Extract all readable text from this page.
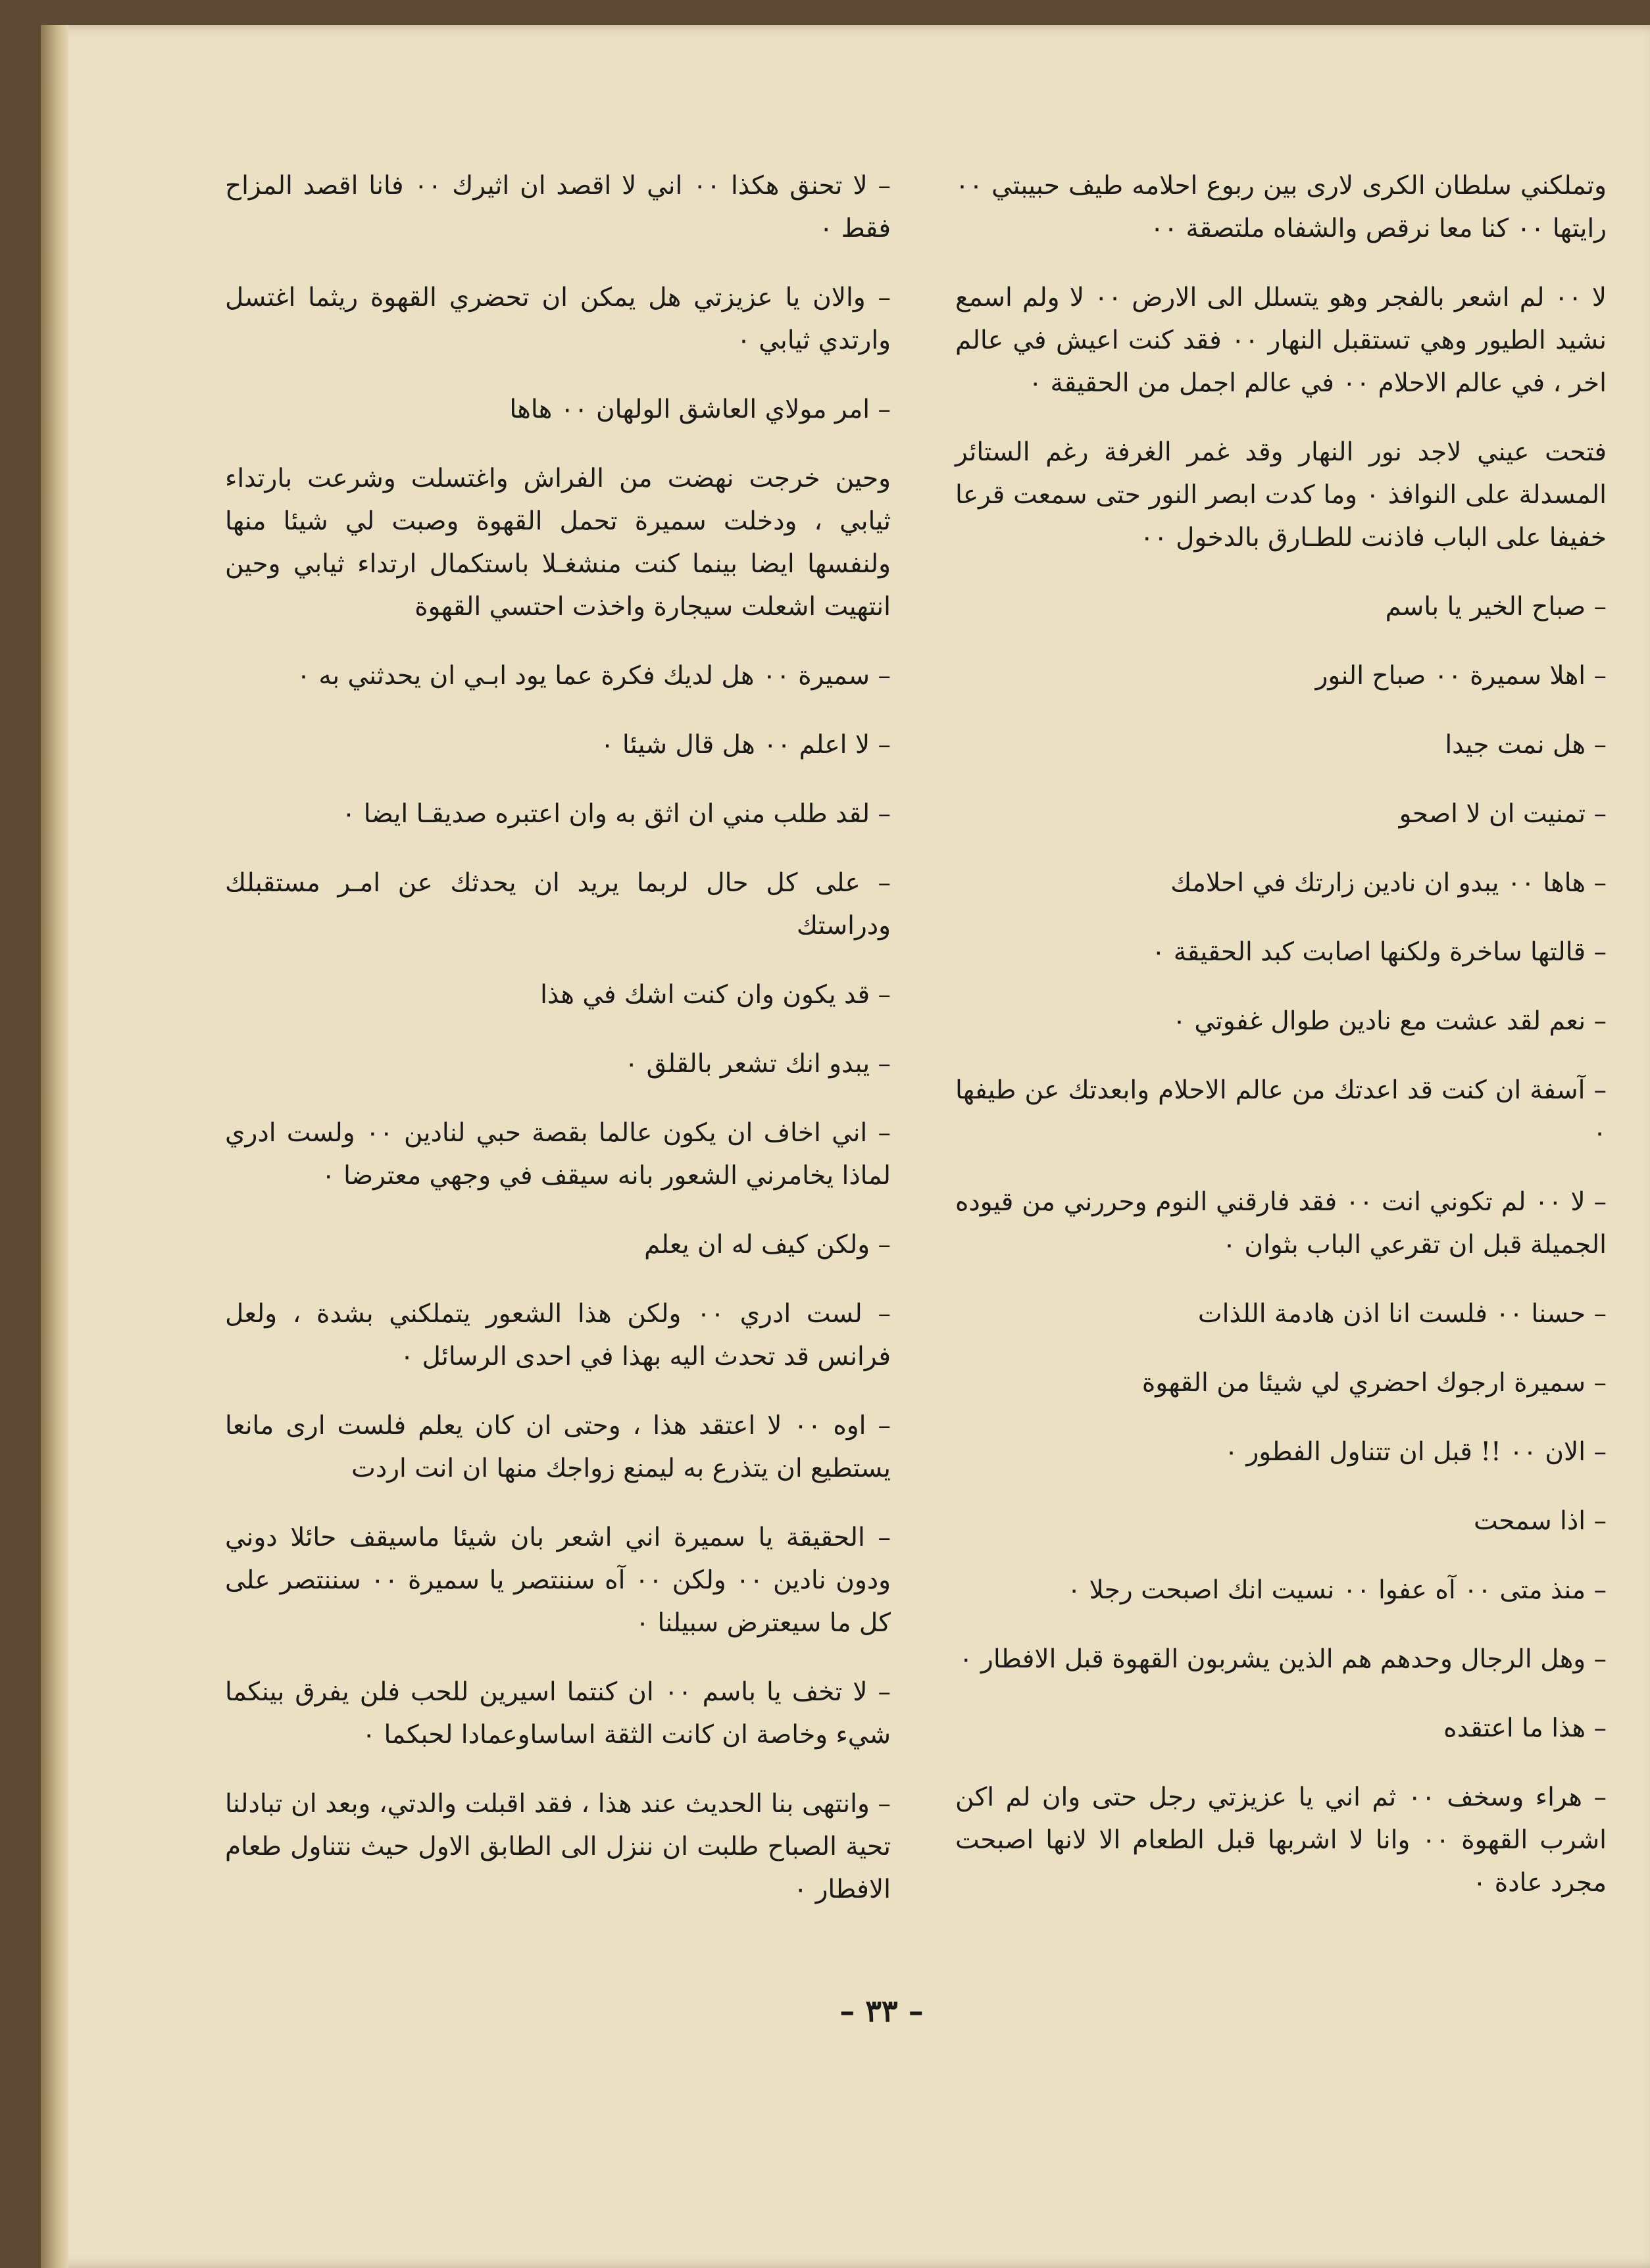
وتملكني سلطان الكرى لارى بين ربوع احلامه طيف حبيبتي ٠٠ رايتها ٠٠ كنا معا نرقص والشفاه ملتصقة ٠٠

لا ٠٠ لم اشعر بالفجر وهو يتسلل الى الارض ٠٠ لا ولم اسمع نشيد الطيور وهي تستقبل النهار ٠٠ فقد كنت اعيش في عالم اخر ، في عالم الاحلام ٠٠ في عالم اجمل من الحقيقة ٠

فتحت عيني لاجد نور النهار وقد غمر الغرفة رغم الستائر المسدلة على النوافذ ٠ وما كدت ابصر النور حتى سمعت قرعا خفيفا على الباب فاذنت للطـارق بالدخول ٠٠

– صباح الخير يا باسم

– اهلا سميرة ٠٠ صباح النور

– هل نمت جيدا

– تمنيت ان لا اصحو

– هاها ٠٠ يبدو ان نادين زارتك في احلامك

– قالتها ساخرة ولكنها اصابت كبد الحقيقة ٠

– نعم لقد عشت مع نادين طوال غفوتي ٠

– آسفة ان كنت قد اعدتك من عالم الاحلام وابعدتك عن طيفها ٠

– لا ٠٠ لم تكوني انت ٠٠ فقد فارقني النوم وحررني من قيوده الجميلة قبل ان تقرعي الباب بثوان ٠

– حسنا ٠٠ فلست انا اذن هادمة اللذات

– سميرة ارجوك احضري لي شيئا من القهوة

– الان ٠٠ !! قبل ان تتناول الفطور ٠

– اذا سمحت

– منذ متى ٠٠ آه عفوا ٠٠ نسيت انك اصبحت رجلا ٠

– وهل الرجال وحدهم هم الذين يشربون القهوة قبل الافطار ٠

– هذا ما اعتقده

– هراء وسخف ٠٠ ثم اني يا عزيزتي رجل حتى وان لم اكن اشرب القهوة ٠٠ وانا لا اشربها قبل الطعام الا لانها اصبحت مجرد عادة ٠

– لا تحنق هكذا ٠٠ اني لا اقصد ان اثيرك ٠٠ فانا اقصد المزاح فقط ٠

– والان يا عزيزتي هل يمكن ان تحضري القهوة ريثما اغتسل وارتدي ثيابي ٠

– امر مولاي العاشق الولهان ٠٠ هاها

وحين خرجت نهضت من الفراش واغتسلت وشرعت بارتداء ثيابي ، ودخلت سميرة تحمل القهوة وصبت لي شيئا منها ولنفسها ايضا بينما كنت منشغـلا باستكمال ارتداء ثيابي وحين انتهيت اشعلت سيجارة واخذت احتسي القهوة

– سميرة ٠٠ هل لديك فكرة عما يود ابـي ان يحدثني به ٠

– لا اعلم ٠٠ هل قال شيئا ٠

– لقد طلب مني ان اثق به وان اعتبره صديقـا ايضا ٠

– على كل حال لربما يريد ان يحدثك عن امـر مستقبلك ودراستك

– قد يكون وان كنت اشك في هذا

– يبدو انك تشعر بالقلق ٠

– اني اخاف ان يكون عالما بقصة حبي لنادين ٠٠ ولست ادري لماذا يخامرني الشعور بانه سيقف في وجهي معترضا ٠

– ولكن كيف له ان يعلم

– لست ادري ٠٠ ولكن هذا الشعور يتملكني بشدة ، ولعل فرانس قد تحدث اليه بهذا في احدى الرسائل ٠

– اوه ٠٠ لا اعتقد هذا ، وحتى ان كان يعلم فلست ارى مانعا يستطيع ان يتذرع به ليمنع زواجك منها ان انت اردت

– الحقيقة يا سميرة اني اشعر بان شيئا ماسيقف حائلا دوني ودون نادين ٠٠ ولكن ٠٠ آه سننتصر يا سميرة ٠٠ سننتصر على كل ما سيعترض سبيلنا ٠

– لا تخف يا باسم ٠٠ ان كنتما اسيرين للحب فلن يفرق بينكما شيء وخاصة ان كانت الثقة اساساوعمادا لحبكما ٠

– وانتهى بنا الحديث عند هذا ، فقد اقبلت والدتي، وبعد ان تبادلنا تحية الصباح طلبت ان ننزل الى الطابق الاول حيث نتناول طعام الافطار ٠

– ٣٣ –
